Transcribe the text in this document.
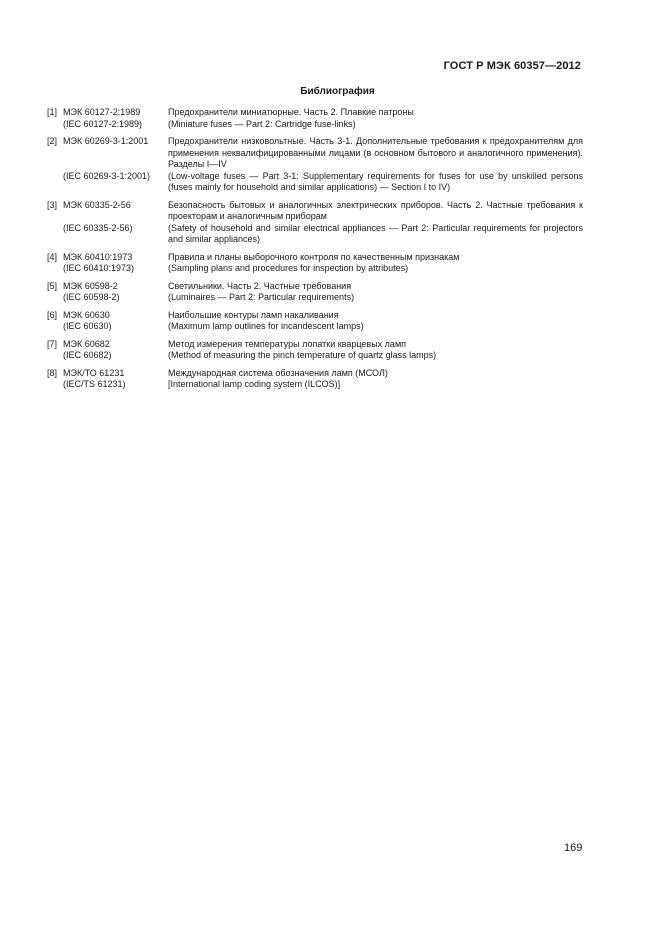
ГОСТ Р МЭК 60357—2012
Библиография
[1] МЭК 60127-2:1989	Предохранители миниатюрные. Часть 2. Плавкие патроны
(IEC 60127-2:1989)	(Miniature fuses — Part 2: Cartridge fuse-links)
[2] МЭК 60269-3-1:2001	Предохранители низковольтные. Часть 3-1. Дополнительные требования к предохранителям для применения неквалифицированными лицами (в основном бытового и аналогичного применения). Разделы I—IV
(IEC 60269-3-1:2001)	(Low-voltage fuses — Part 3-1: Supplementary requirements for fuses for use by unskilled persons (fuses mainly for household and similar applications) — Section I to IV)
[3] МЭК 60335-2-56	Безопасность бытовых и аналогичных электрических приборов. Часть 2. Частные требования к проекторам и аналогичным приборам
(IEC 60335-2-56)	(Safety of household and similar electrical appliances — Part 2: Particular requirements for projectors and similar appliances)
[4] МЭК 60410:1973	Правила и планы выборочного контроля по качественным признакам
(IEC 60410:1973)	(Sampling plans and procedures for inspection by attributes)
[5] МЭК 60598-2	Светильники. Часть 2. Частные требования
(IEC 60598-2)	(Luminaires — Part 2: Particular requirements)
[6] МЭК 60630	Наибольшие контуры ламп накаливания
(IEC 60630)	(Maximum lamp outlines for incandescent lamps)
[7] МЭК 60682	Метод измерения температуры лопатки кварцевых ламп
(IEC 60682)	(Method of measuring the pinch temperature of quartz glass lamps)
[8] МЭК/ТО 61231	Международная система обозначения ламп (МСОЛ)
(IEC/TS 61231)	[International lamp coding system (ILCOS)]
169
